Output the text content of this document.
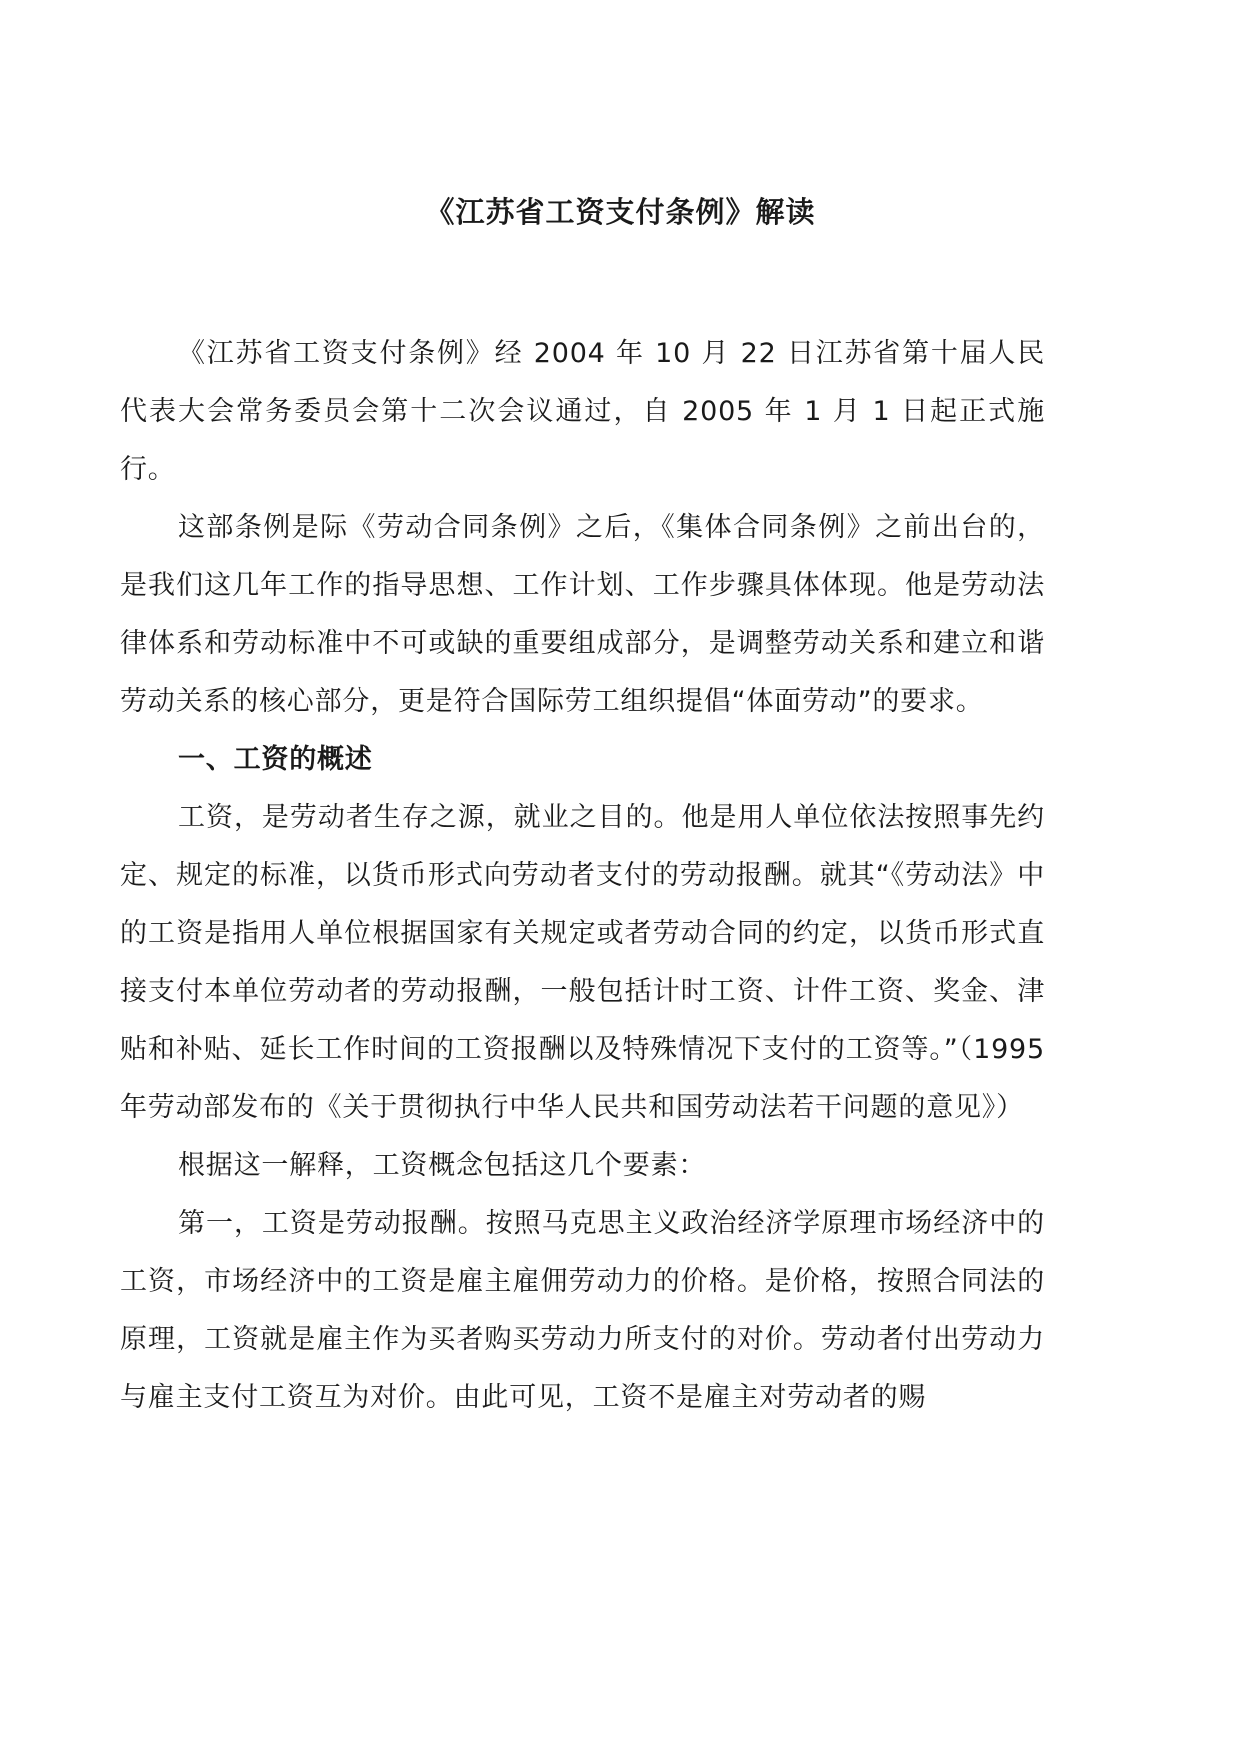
《江苏省工资支付条例》解读

《江苏省工资支付条例》经 2004 年 10 月 22 日江苏省第十届人民代表大会常务委员会第十二次会议通过，自 2005 年 1 月 1 日起正式施行。

这部条例是际《劳动合同条例》之后，《集体合同条例》之前出台的，是我们这几年工作的指导思想、工作计划、工作步骤具体体现。他是劳动法律体系和劳动标准中不可或缺的重要组成部分，是调整劳动关系和建立和谐劳动关系的核心部分，更是符合国际劳工组织提倡“体面劳动”的要求。

一、工资的概述

工资，是劳动者生存之源，就业之目的。他是用人单位依法按照事先约定、规定的标准，以货币形式向劳动者支付的劳动报酬。就其“《劳动法》中的工资是指用人单位根据国家有关规定或者劳动合同的约定，以货币形式直接支付本单位劳动者的劳动报酬，一般包括计时工资、计件工资、奖金、津贴和补贴、延长工作时间的工资报酬以及特殊情况下支付的工资等。”（1995 年劳动部发布的《关于贯彻执行中华人民共和国劳动法若干问题的意见》）

根据这一解释，工资概念包括这几个要素：

第一，工资是劳动报酬。按照马克思主义政治经济学原理市场经济中的工资，市场经济中的工资是雇主雇佣劳动力的价格。是价格，按照合同法的原理，工资就是雇主作为买者购买劳动力所支付的对价。劳动者付出劳动力与雇主支付工资互为对价。由此可见，工资不是雇主对劳动者的赐
